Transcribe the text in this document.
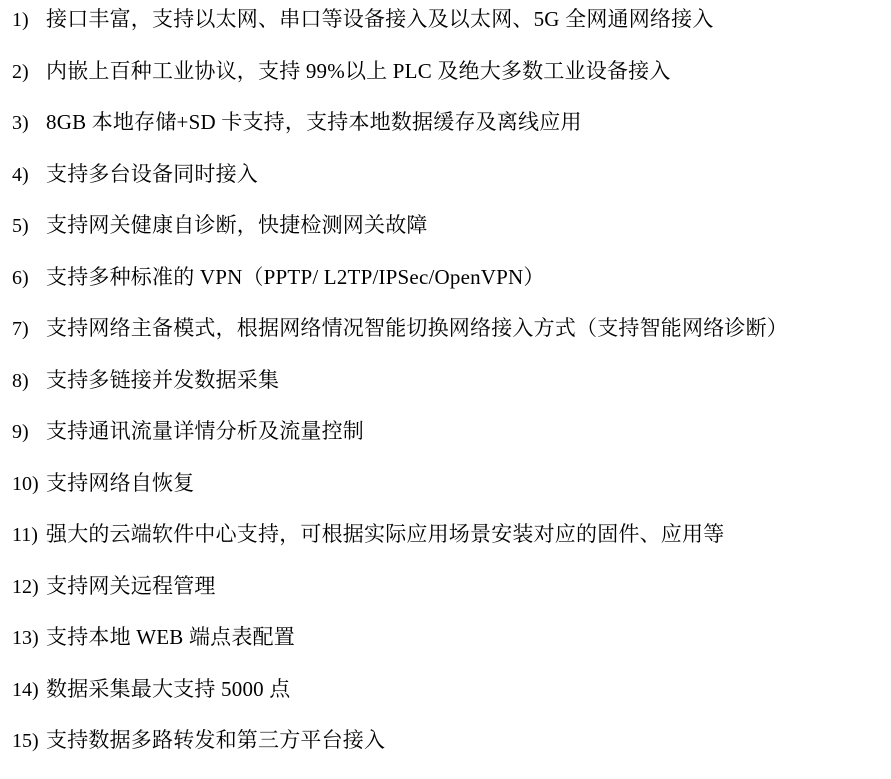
1) 接口丰富，支持以太网、串口等设备接入及以太网、5G 全网通网络接入
2) 内嵌上百种工业协议，支持 99%以上 PLC 及绝大多数工业设备接入
3) 8GB 本地存储+SD 卡支持，支持本地数据缓存及离线应用
4) 支持多台设备同时接入
5) 支持网关健康自诊断，快捷检测网关故障
6) 支持多种标准的 VPN（PPTP/ L2TP/IPSec/OpenVPN）
7) 支持网络主备模式，根据网络情况智能切换网络接入方式（支持智能网络诊断）
8) 支持多链接并发数据采集
9) 支持通讯流量详情分析及流量控制
10) 支持网络自恢复
11) 强大的云端软件中心支持，可根据实际应用场景安装对应的固件、应用等
12) 支持网关远程管理
13) 支持本地 WEB 端点表配置
14) 数据采集最大支持 5000 点
15) 支持数据多路转发和第三方平台接入
